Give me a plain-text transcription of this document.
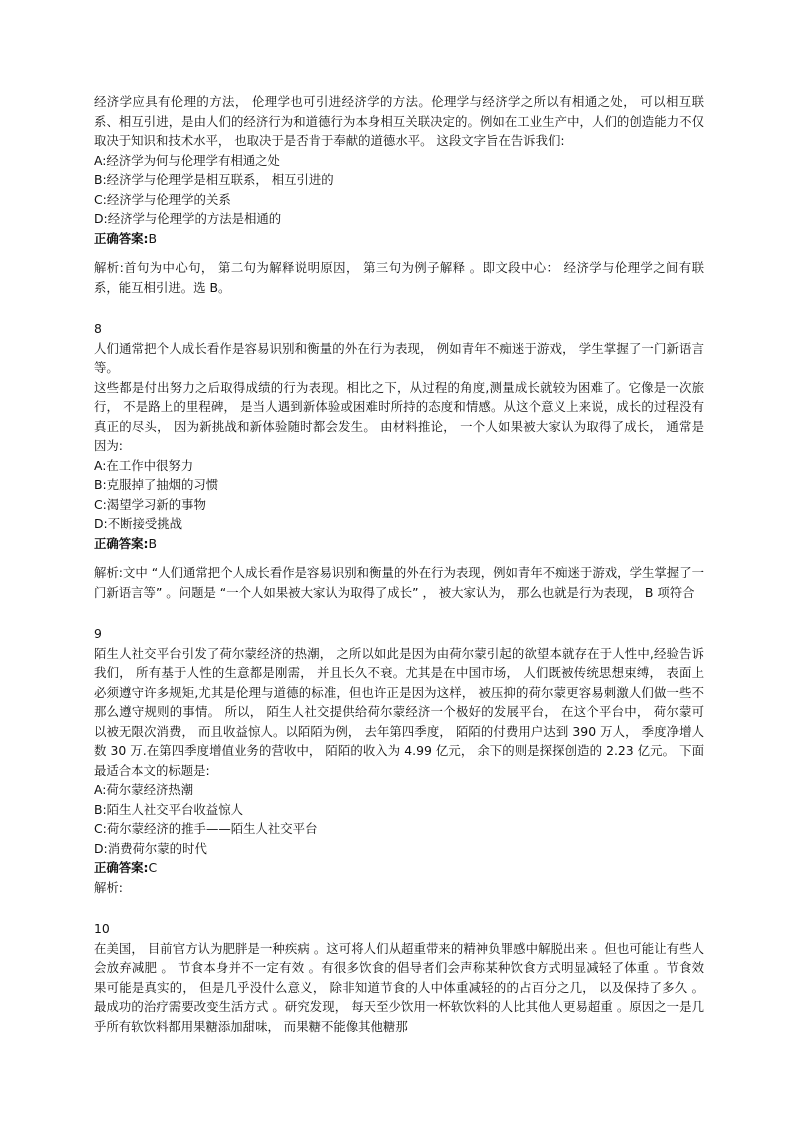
经济学应具有伦理的方法， 伦理学也可引进经济学的方法。伦理学与经济学之所以有相通之处， 可以相互联系、相互引进，是由人们的经济行为和道德行为本身相互关联决定的。例如在工业生产中，人们的创造能力不仅取决于知识和技术水平， 也取决于是否肯于奉献的道德水平。 这段文字旨在告诉我们:

A:经济学为何与伦理学有相通之处

B:经济学与伦理学是相互联系， 相互引进的

C:经济学与伦理学的关系

D:经济学与伦理学的方法是相通的

正确答案:B

解析:首句为中心句， 第二句为解释说明原因， 第三句为例子解释 。即文段中心： 经济学与伦理学之间有联系，能互相引进。选 B。

8

人们通常把个人成长看作是容易识别和衡量的外在行为表现， 例如青年不痴迷于游戏， 学生掌握了一门新语言等。

这些都是付出努力之后取得成绩的行为表现。相比之下，从过程的角度,测量成长就较为困难了。它像是一次旅行， 不是路上的里程碑， 是当人遇到新体验或困难时所持的态度和情感。从这个意义上来说，成长的过程没有真正的尽头， 因为新挑战和新体验随时都会发生。 由材料推论， 一个人如果被大家认为取得了成长， 通常是因为:

A:在工作中很努力

B:克服掉了抽烟的习惯

C:渴望学习新的事物

D:不断接受挑战

正确答案:B

解析:文中 “人们通常把个人成长看作是容易识别和衡量的外在行为表现，例如青年不痴迷于游戏，学生掌握了一门新语言等” 。问题是 “一个人如果被大家认为取得了成长” ， 被大家认为， 那么也就是行为表现， B 项符合

9

陌生人社交平台引发了荷尔蒙经济的热潮， 之所以如此是因为由荷尔蒙引起的欲望本就存在于人性中,经验告诉我们， 所有基于人性的生意都是刚需， 并且长久不衰。尤其是在中国市场， 人们既被传统思想束缚， 表面上必须遵守许多规矩,尤其是伦理与道德的标准，但也许正是因为这样， 被压抑的荷尔蒙更容易刺激人们做一些不那么遵守规则的事情。 所以， 陌生人社交提供给荷尔蒙经济一个极好的发展平台， 在这个平台中， 荷尔蒙可以被无限次消费， 而且收益惊人。以陌陌为例， 去年第四季度， 陌陌的付费用户达到 390 万人， 季度净增人数 30 万.在第四季度增值业务的营收中， 陌陌的收入为 4.99 亿元， 余下的则是探探创造的 2.23 亿元。 下面最适合本文的标题是:

A:荷尔蒙经济热潮

B:陌生人社交平台收益惊人

C:荷尔蒙经济的推手——陌生人社交平台

D:消费荷尔蒙的时代

正确答案:C

解析:

10

在美国， 目前官方认为肥胖是一种疾病 。这可将人们从超重带来的精神负罪感中解脱出来 。但也可能让有些人会放弃减肥 。 节食本身并不一定有效 。有很多饮食的倡导者们会声称某种饮食方式明显减轻了体重 。节食效果可能是真实的， 但是几乎没什么意义， 除非知道节食的人中体重减轻的的占百分之几， 以及保持了多久 。 最成功的治疗需要改变生活方式 。研究发现， 每天至少饮用一杯软饮料的人比其他人更易超重 。原因之一是几乎所有软饮料都用果糖添加甜味， 而果糖不能像其他糖那
